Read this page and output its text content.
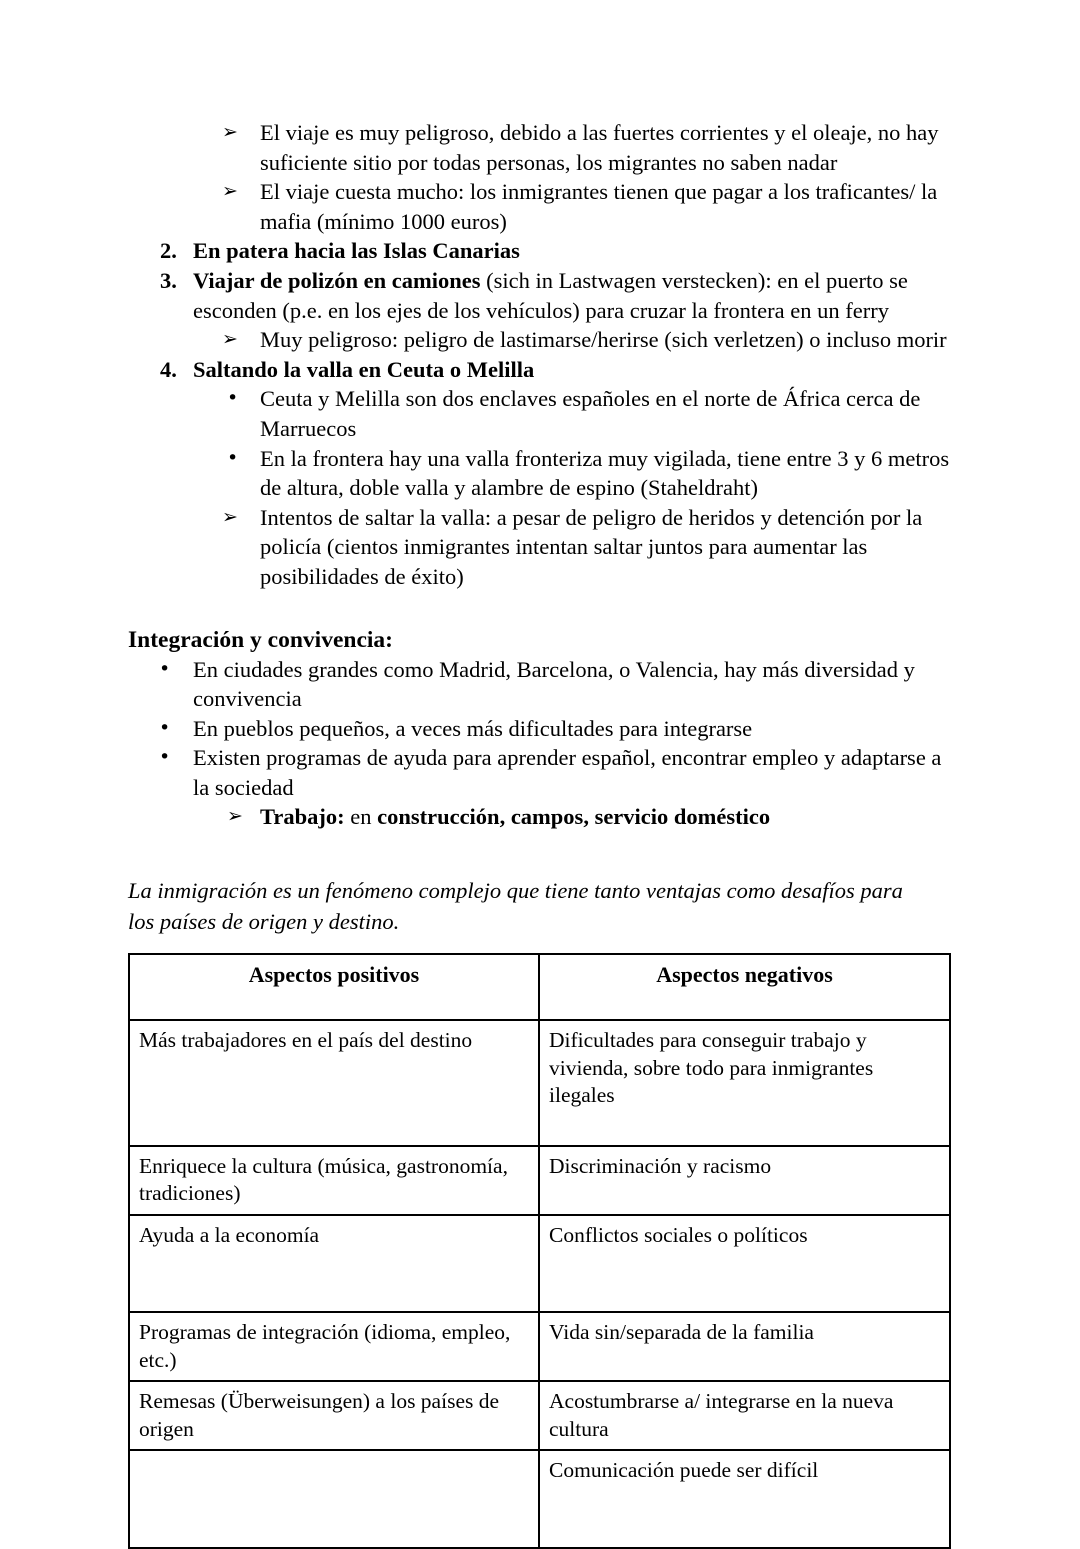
➢ El viaje es muy peligroso, debido a las fuertes corrientes y el oleaje, no hay suficiente sitio por todas personas, los migrantes no saben nadar
➢ El viaje cuesta mucho: los inmigrantes tienen que pagar a los traficantes/ la mafia (mínimo 1000 euros)
2. En patera hacia las Islas Canarias
3. Viajar de polizón en camiones (sich in Lastwagen verstecken): en el puerto se esconden (p.e. en los ejes de los vehículos) para cruzar la frontera en un ferry
➢ Muy peligroso: peligro de lastimarse/herirse (sich verletzen) o incluso morir
4. Saltando la valla en Ceuta o Melilla
• Ceuta y Melilla son dos enclaves españoles en el norte de África cerca de Marruecos
• En la frontera hay una valla fronteriza muy vigilada, tiene entre 3 y 6 metros de altura, doble valla y alambre de espino (Staheldraht)
➢ Intentos de saltar la valla: a pesar de peligro de heridos y detención por la policía (cientos inmigrantes intentan saltar juntos para aumentar las posibilidades de éxito)
Integración y convivencia:
• En ciudades grandes como Madrid, Barcelona, o Valencia, hay más diversidad y convivencia
• En pueblos pequeños, a veces más dificultades para integrarse
• Existen programas de ayuda para aprender español, encontrar empleo y adaptarse a la sociedad
➢ Trabajo: en construcción, campos, servicio doméstico

La inmigración es un fenómeno complejo que tiene tanto ventajas como desafíos para los países de origen y destino.

Aspectos positivos	Aspectos negativos
Más trabajadores en el país del destino	Dificultades para conseguir trabajo y vivienda, sobre todo para inmigrantes ilegales
Enriquece la cultura (música, gastronomía, tradiciones)	Discriminación y racismo
Ayuda a la economía	Conflictos sociales o políticos
Programas de integración (idioma, empleo, etc.)	Vida sin/separada de la familia
Remesas (Überweisungen) a los países de origen	Acostumbrarse a/ integrarse en la nueva cultura

	Comunicación puede ser difícil
